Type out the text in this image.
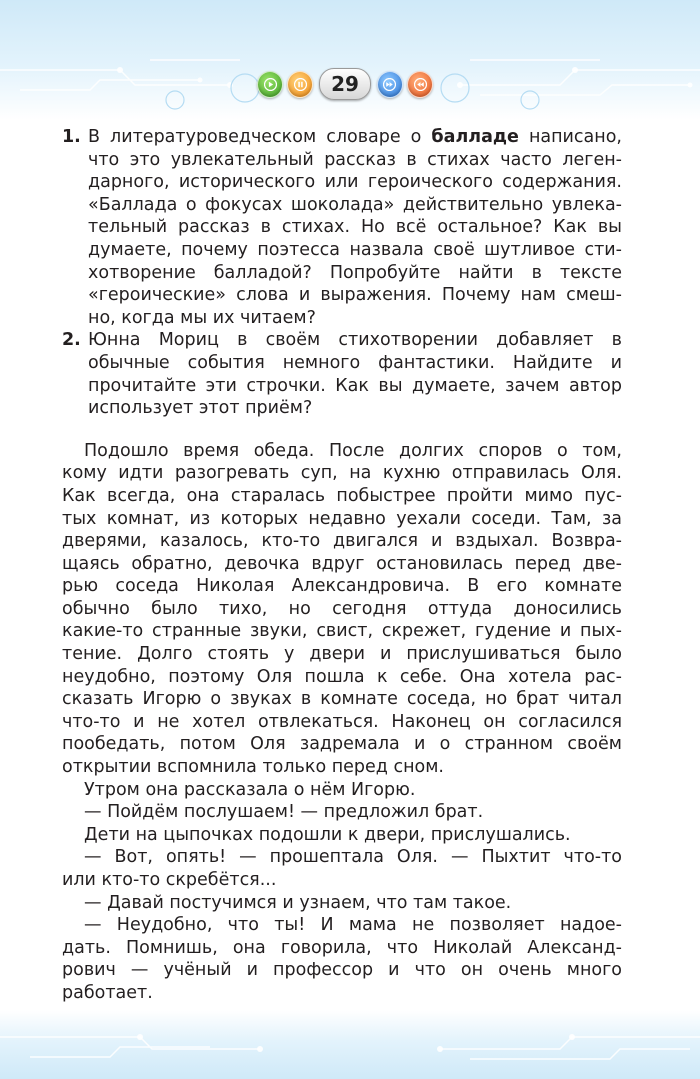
29
1. В литературоведческом словаре о балладе написано,
что это увлекательный рассказ в стихах часто леген-
дарного, исторического или героического содержания.
«Баллада о фокусах шоколада» действительно увлека-
тельный рассказ в стихах. Но всё остальное? Как вы
думаете, почему поэтесса назвала своё шутливое сти-
хотворение балладой? Попробуйте найти в тексте
«героические» слова и выражения. Почему нам смеш-
но, когда мы их читаем?
2. Юнна Мориц в своём стихотворении добавляет в
обычные события немного фантастики. Найдите и
прочитайте эти строчки. Как вы думаете, зачем автор
использует этот приём?
Подошло время обеда. После долгих споров о том,
кому идти разогревать суп, на кухню отправилась Оля.
Как всегда, она старалась побыстрее пройти мимо пус-
тых комнат, из которых недавно уехали соседи. Там, за
дверями, казалось, кто-то двигался и вздыхал. Возвра-
щаясь обратно, девочка вдруг остановилась перед две-
рью соседа Николая Александровича. В его комнате
обычно было тихо, но сегодня оттуда доносились
какие-то странные звуки, свист, скрежет, гудение и пых-
тение. Долго стоять у двери и прислушиваться было
неудобно, поэтому Оля пошла к себе. Она хотела рас-
сказать Игорю о звуках в комнате соседа, но брат читал
что-то и не хотел отвлекаться. Наконец он согласился
пообедать, потом Оля задремала и о странном своём
открытии вспомнила только перед сном.
Утром она рассказала о нём Игорю.
— Пойдём послушаем! — предложил брат.
Дети на цыпочках подошли к двери, прислушались.
— Вот, опять! — прошептала Оля. — Пыхтит что-то
или кто-то скребётся...
— Давай постучимся и узнаем, что там такое.
— Неудобно, что ты! И мама не позволяет надое-
дать. Помнишь, она говорила, что Николай Александ-
рович — учёный и профессор и что он очень много
работает.
